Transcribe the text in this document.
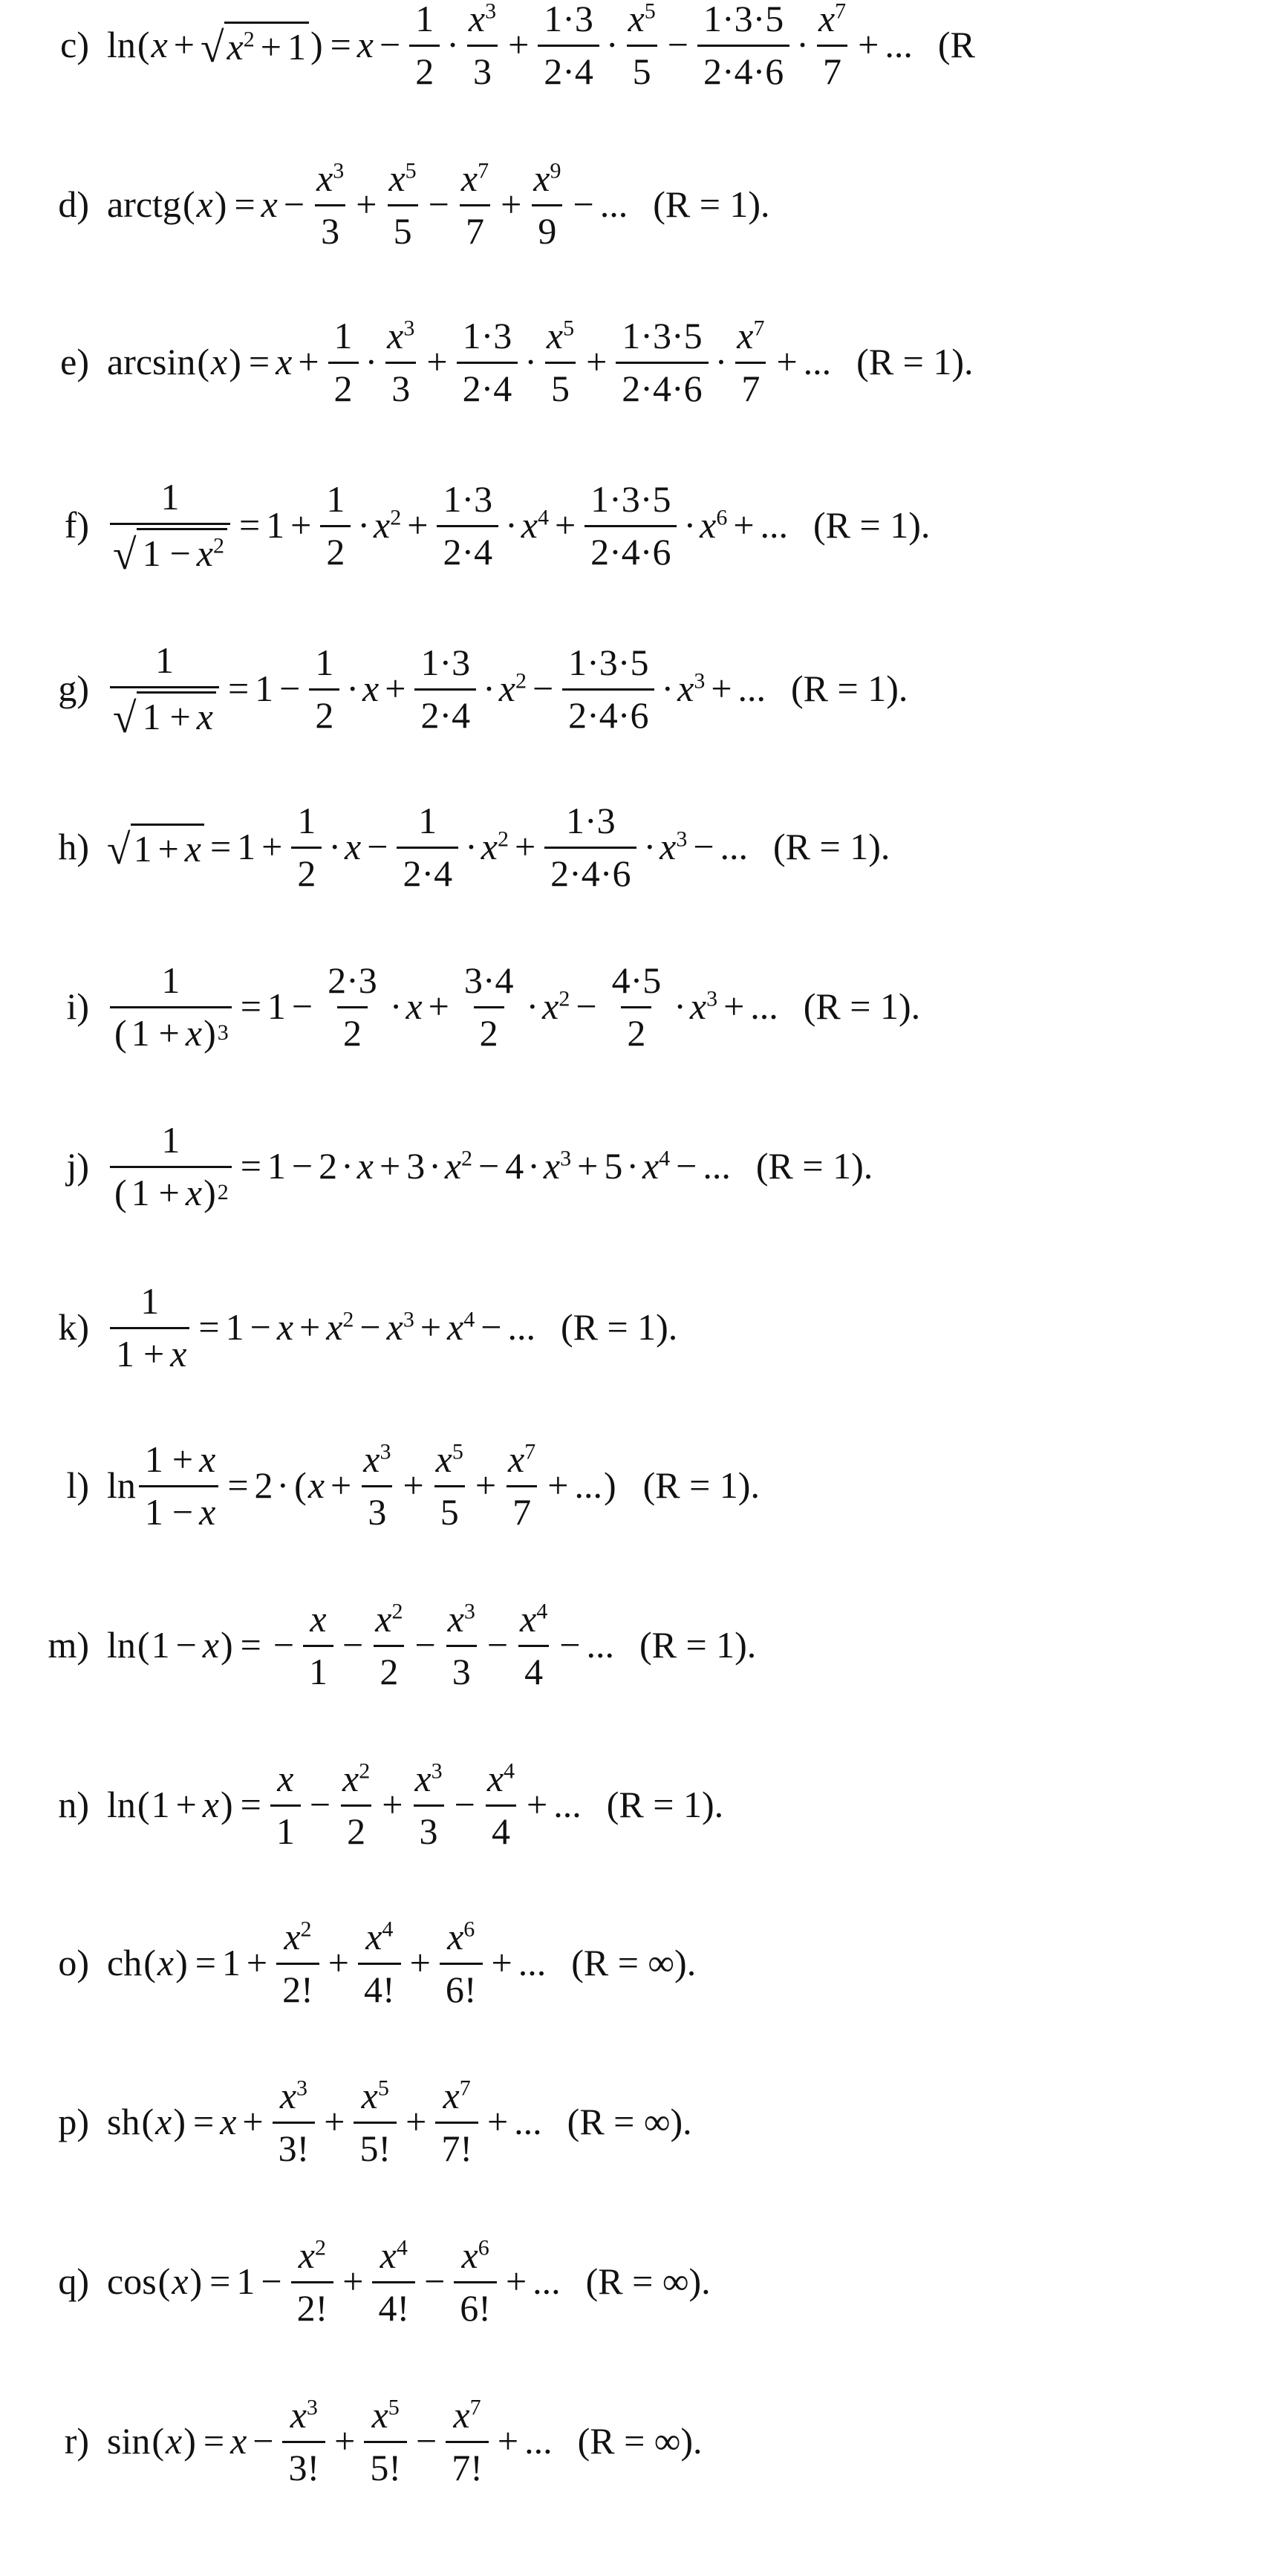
c) ln ( x + √ $x^2 + 1$ ) = $x - \frac{1}{2} \cdot \frac{x^3}{3} + \frac{1\cdot 3}{2\cdot 4} \cdot \frac{x^5}{5} - \frac{1\cdot 3\cdot 5}{2\cdot 4\cdot 6} \cdot \frac{x^7}{7}$ + ... (R
d) arctg ( x ) = $x - \frac{x^3}{3} + \frac{x^5}{5} - \frac{x^7}{7} + \frac{x^9}{9}$ − ... (R = 1).
e) arcsin ( x ) = $x + \frac{1}{2} \cdot \frac{x^3}{3} + \frac{1\cdot 3}{2\cdot 4} \cdot \frac{x^5}{5} + \frac{1\cdot 3\cdot 5}{2\cdot 4\cdot 6} \cdot \frac{x^7}{7}$ + ... (R = 1).
$f) \frac{1}{√ 1 - x^2} = 1 + \frac{1}{2} \cdot x^2 + \frac{1\cdot 3}{2\cdot 4} \cdot x^4 + \frac{1\cdot 3\cdot 5}{2\cdot 4\cdot 6} \cdot x^6$ + ... (R = 1).
$g) \frac{1}{√ 1 + x} = 1 - \frac{1}{2} \cdot x + \frac{1\cdot 3}{2\cdot 4} \cdot x^2 - \frac{1\cdot 3\cdot 5}{2\cdot 4\cdot 6} \cdot x^3$ + ... (R = 1).
h) √ $1 + x = 1 + \frac{1}{2} \cdot x - \frac{1}{2\cdot 4} \cdot x^2 + \frac{1\cdot 3}{2\cdot 4\cdot 6} \cdot x^3$ − ... (R = 1).
$i) \frac{1}{( 1 + x ) 3} = 1 - \frac{2\cdot 3}{2} \cdot x + \frac{3\cdot 4}{2} \cdot x^2 - \frac{4\cdot 5}{2} \cdot x^3$ + ... (R = 1).
$j) \frac{1}{( 1 + x ) 2} = 1 - 2 \cdot x + 3 \cdot x^2 - 4 \cdot x^3 + 5 \cdot x^4$ − ... (R = 1).
$k) \frac{1}{1 + x} = 1 - x + x^2 - x^3 + x^4$ − ... (R = 1).
l) $\ln \frac{1 + x}{1 - x} = 2$ · ( $x + \frac{x^3}{3} + \frac{x^5}{5} + \frac{x^7}{7}$ + ... ) (R = 1).
m) ln ( 1 − x ) = − $\frac{x}{1} - \frac{x^2}{2} - \frac{x^3}{3} - \frac{x^4}{4}$ − ... (R = 1).
n) ln ( 1 + x ) = $\frac{x}{1} - \frac{x^2}{2} + \frac{x^3}{3} - \frac{x^4}{4}$ + ... (R = 1).
o) ch ( x ) = $1 + \frac{x^2}{2!} + \frac{x^4}{4!} + \frac{x^6}{6!}$ + ... (R = ∞).
p) sh ( x ) = $x + \frac{x^3}{3!} + \frac{x^5}{5!} + \frac{x^7}{7!}$ + ... (R = ∞).
q) cos ( x ) = $1 - \frac{x^2}{2!} + \frac{x^4}{4!} - \frac{x^6}{6!}$ + ... (R = ∞).
r) sin ( x ) = $x - \frac{x^3}{3!} + \frac{x^5}{5!} - \frac{x^7}{7!}$ + ... (R = ∞).
